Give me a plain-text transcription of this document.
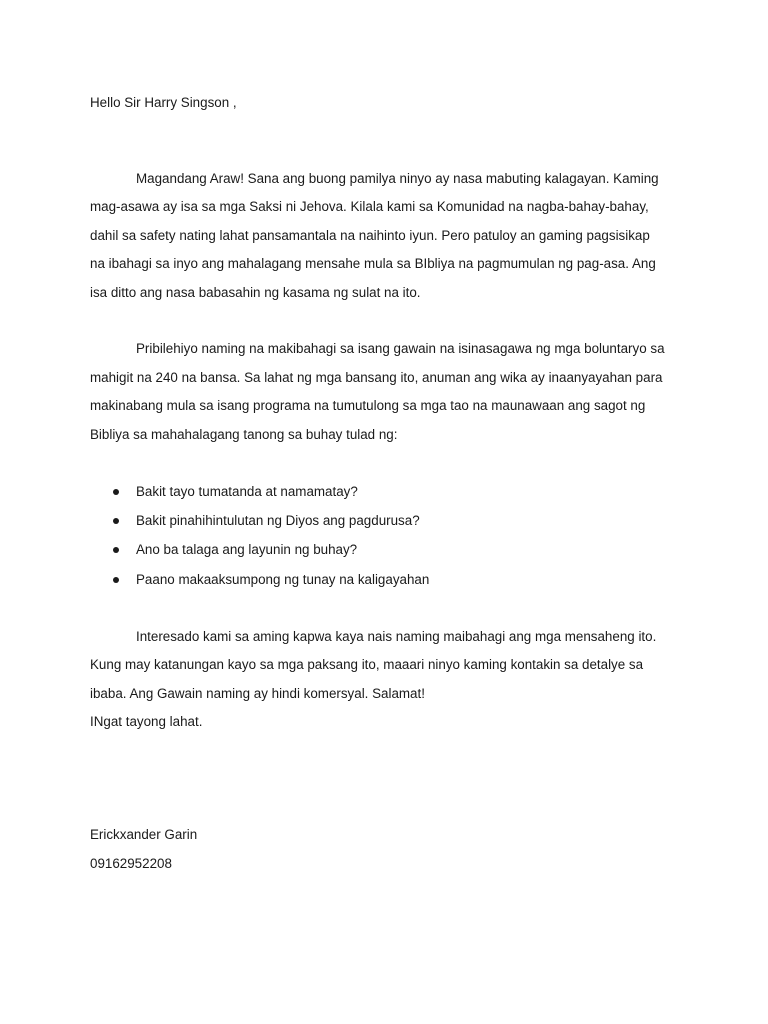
Hello Sir Harry Singson ,
Magandang Araw! Sana ang buong pamilya ninyo ay nasa mabuting kalagayan. Kaming
mag-asawa ay isa sa mga Saksi ni Jehova. Kilala kami sa Komunidad na nagba-bahay-bahay,
dahil sa safety nating lahat pansamantala na naihinto iyun. Pero patuloy an gaming pagsisikap
na ibahagi sa inyo ang mahalagang mensahe mula sa BIbliya na pagmumulan ng pag-asa. Ang
isa ditto ang nasa babasahin ng kasama ng sulat na ito.
Pribilehiyo naming na makibahagi sa isang gawain na isinasagawa ng mga boluntaryo sa
mahigit na 240 na bansa. Sa lahat ng mga bansang ito, anuman ang wika ay inaanyayahan para
makinabang mula sa isang programa na tumutulong sa mga tao na maunawaan ang sagot ng
Bibliya sa mahahalagang tanong sa buhay tulad ng:
Bakit tayo tumatanda at namamatay?
Bakit pinahihintulutan ng Diyos ang pagdurusa?
Ano ba talaga ang layunin ng buhay?
Paano makaaksumpong ng tunay na kaligayahan
Interesado kami sa aming kapwa kaya nais naming maibahagi ang mga mensaheng ito.
Kung may katanungan kayo sa mga paksang ito, maaari ninyo kaming kontakin sa detalye sa
ibaba. Ang Gawain naming ay hindi komersyal. Salamat!
INgat tayong lahat.
Erickxander Garin
09162952208
